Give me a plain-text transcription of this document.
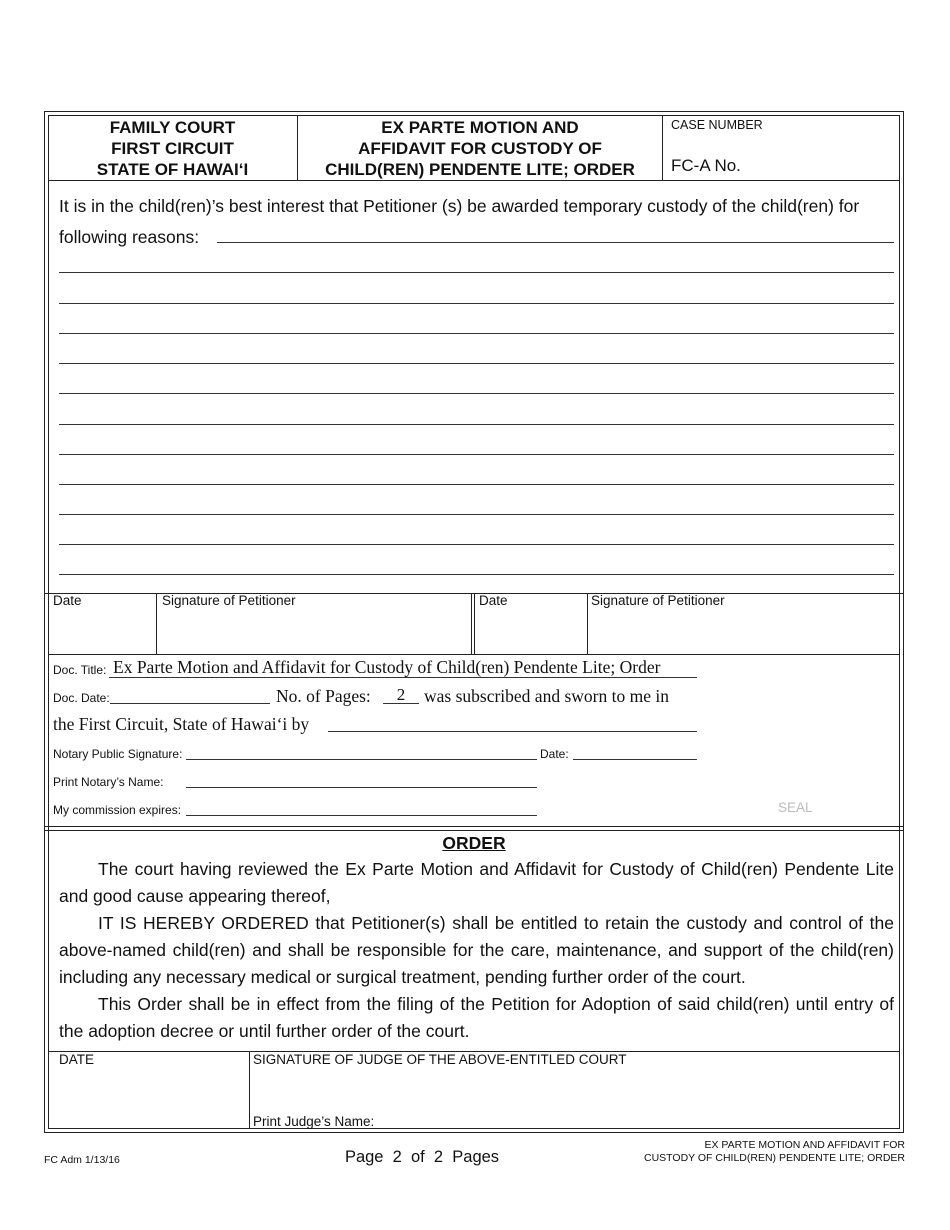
FAMILY COURT
FIRST CIRCUIT
STATE OF HAWAI‘I
EX PARTE MOTION AND
AFFIDAVIT FOR CUSTODY OF
CHILD(REN) PENDENTE LITE; ORDER
CASE NUMBER
FC-A No.
It is in the child(ren)’s best interest that Petitioner (s) be awarded temporary custody of the child(ren) for
following reasons:
Date	Signature of Petitioner	Date	Signature of Petitioner
Doc. Title: Ex Parte Motion and Affidavit for Custody of Child(ren) Pendente Lite; Order
Doc. Date:	No. of Pages:	2	was subscribed and sworn to me in
the First Circuit, State of Hawai‘i by
Notary Public Signature:	Date:
Print Notary’s Name:
My commission expires:	SEAL
ORDER
The court having reviewed the Ex Parte Motion and Affidavit for Custody of Child(ren) Pendente Lite and good cause appearing thereof,
IT IS HEREBY ORDERED that Petitioner(s) shall be entitled to retain the custody and control of the above-named child(ren) and shall be responsible for the care, maintenance, and support of the child(ren) including any necessary medical or surgical treatment, pending further order of the court.
This Order shall be in effect from the filing of the Petition for Adoption of said child(ren) until entry of the adoption decree or until further order of the court.
DATE	SIGNATURE OF JUDGE OF THE ABOVE-ENTITLED COURT
Print Judge’s Name:
FC Adm 1/13/16	Page  2  of  2  Pages
EX PARTE MOTION AND AFFIDAVIT FOR
CUSTODY OF CHILD(REN) PENDENTE LITE; ORDER
